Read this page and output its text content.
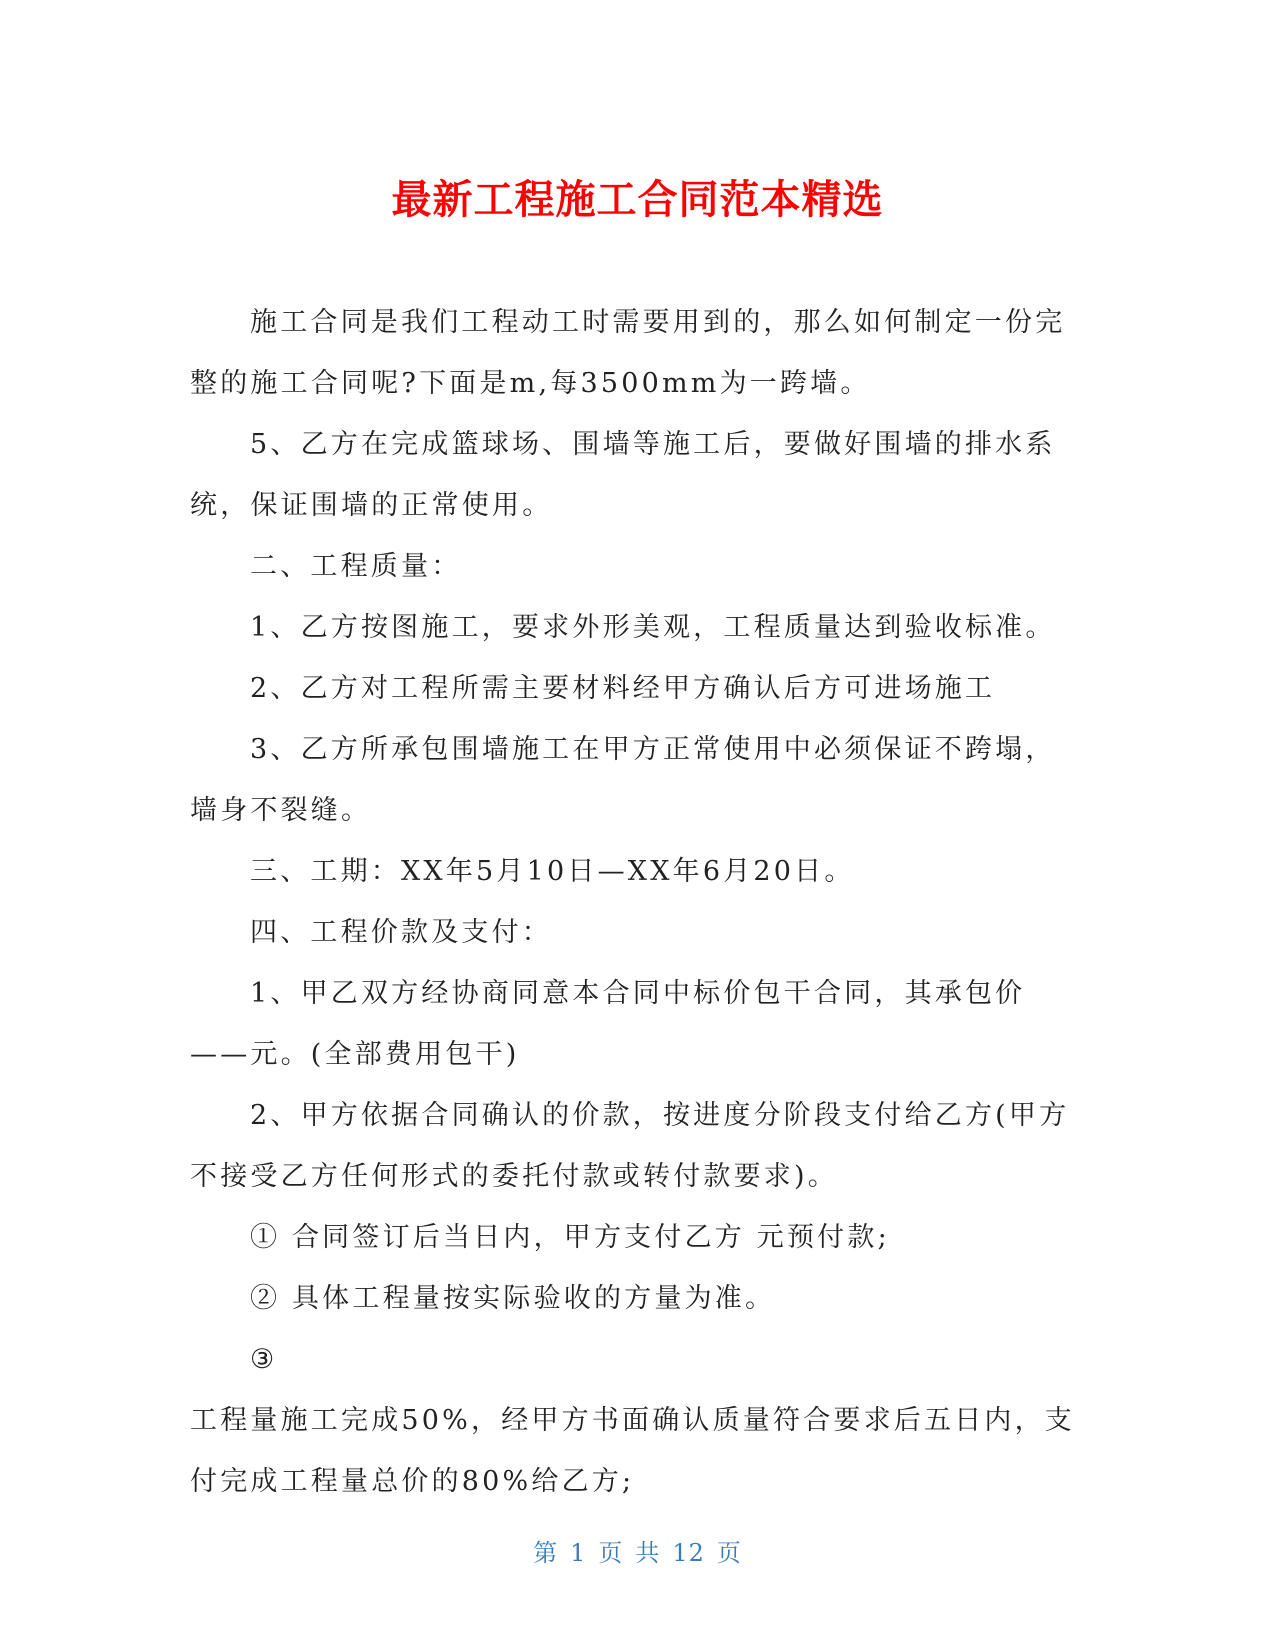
最新工程施工合同范本精选

施工合同是我们工程动工时需要用到的，那么如何制定一份完整的施工合同呢?下面是m,每3500mm为一跨墙。

5、乙方在完成篮球场、围墙等施工后，要做好围墙的排水系统，保证围墙的正常使用。

二、工程质量：

1、乙方按图施工，要求外形美观，工程质量达到验收标准。

2、乙方对工程所需主要材料经甲方确认后方可进场施工

3、乙方所承包围墙施工在甲方正常使用中必须保证不跨塌，墙身不裂缝。

三、工期：XX年5月10日—XX年6月20日。

四、工程价款及支付：

1、甲乙双方经协商同意本合同中标价包干合同，其承包价——元。(全部费用包干)

2、甲方依据合同确认的价款，按进度分阶段支付给乙方(甲方不接受乙方任何形式的委托付款或转付款要求)。

① 合同签订后当日内，甲方支付乙方 元预付款;

② 具体工程量按实际验收的方量为准。

③

工程量施工完成50%，经甲方书面确认质量符合要求后五日内，支付完成工程量总价的80%给乙方;

第 1 页 共 12 页
